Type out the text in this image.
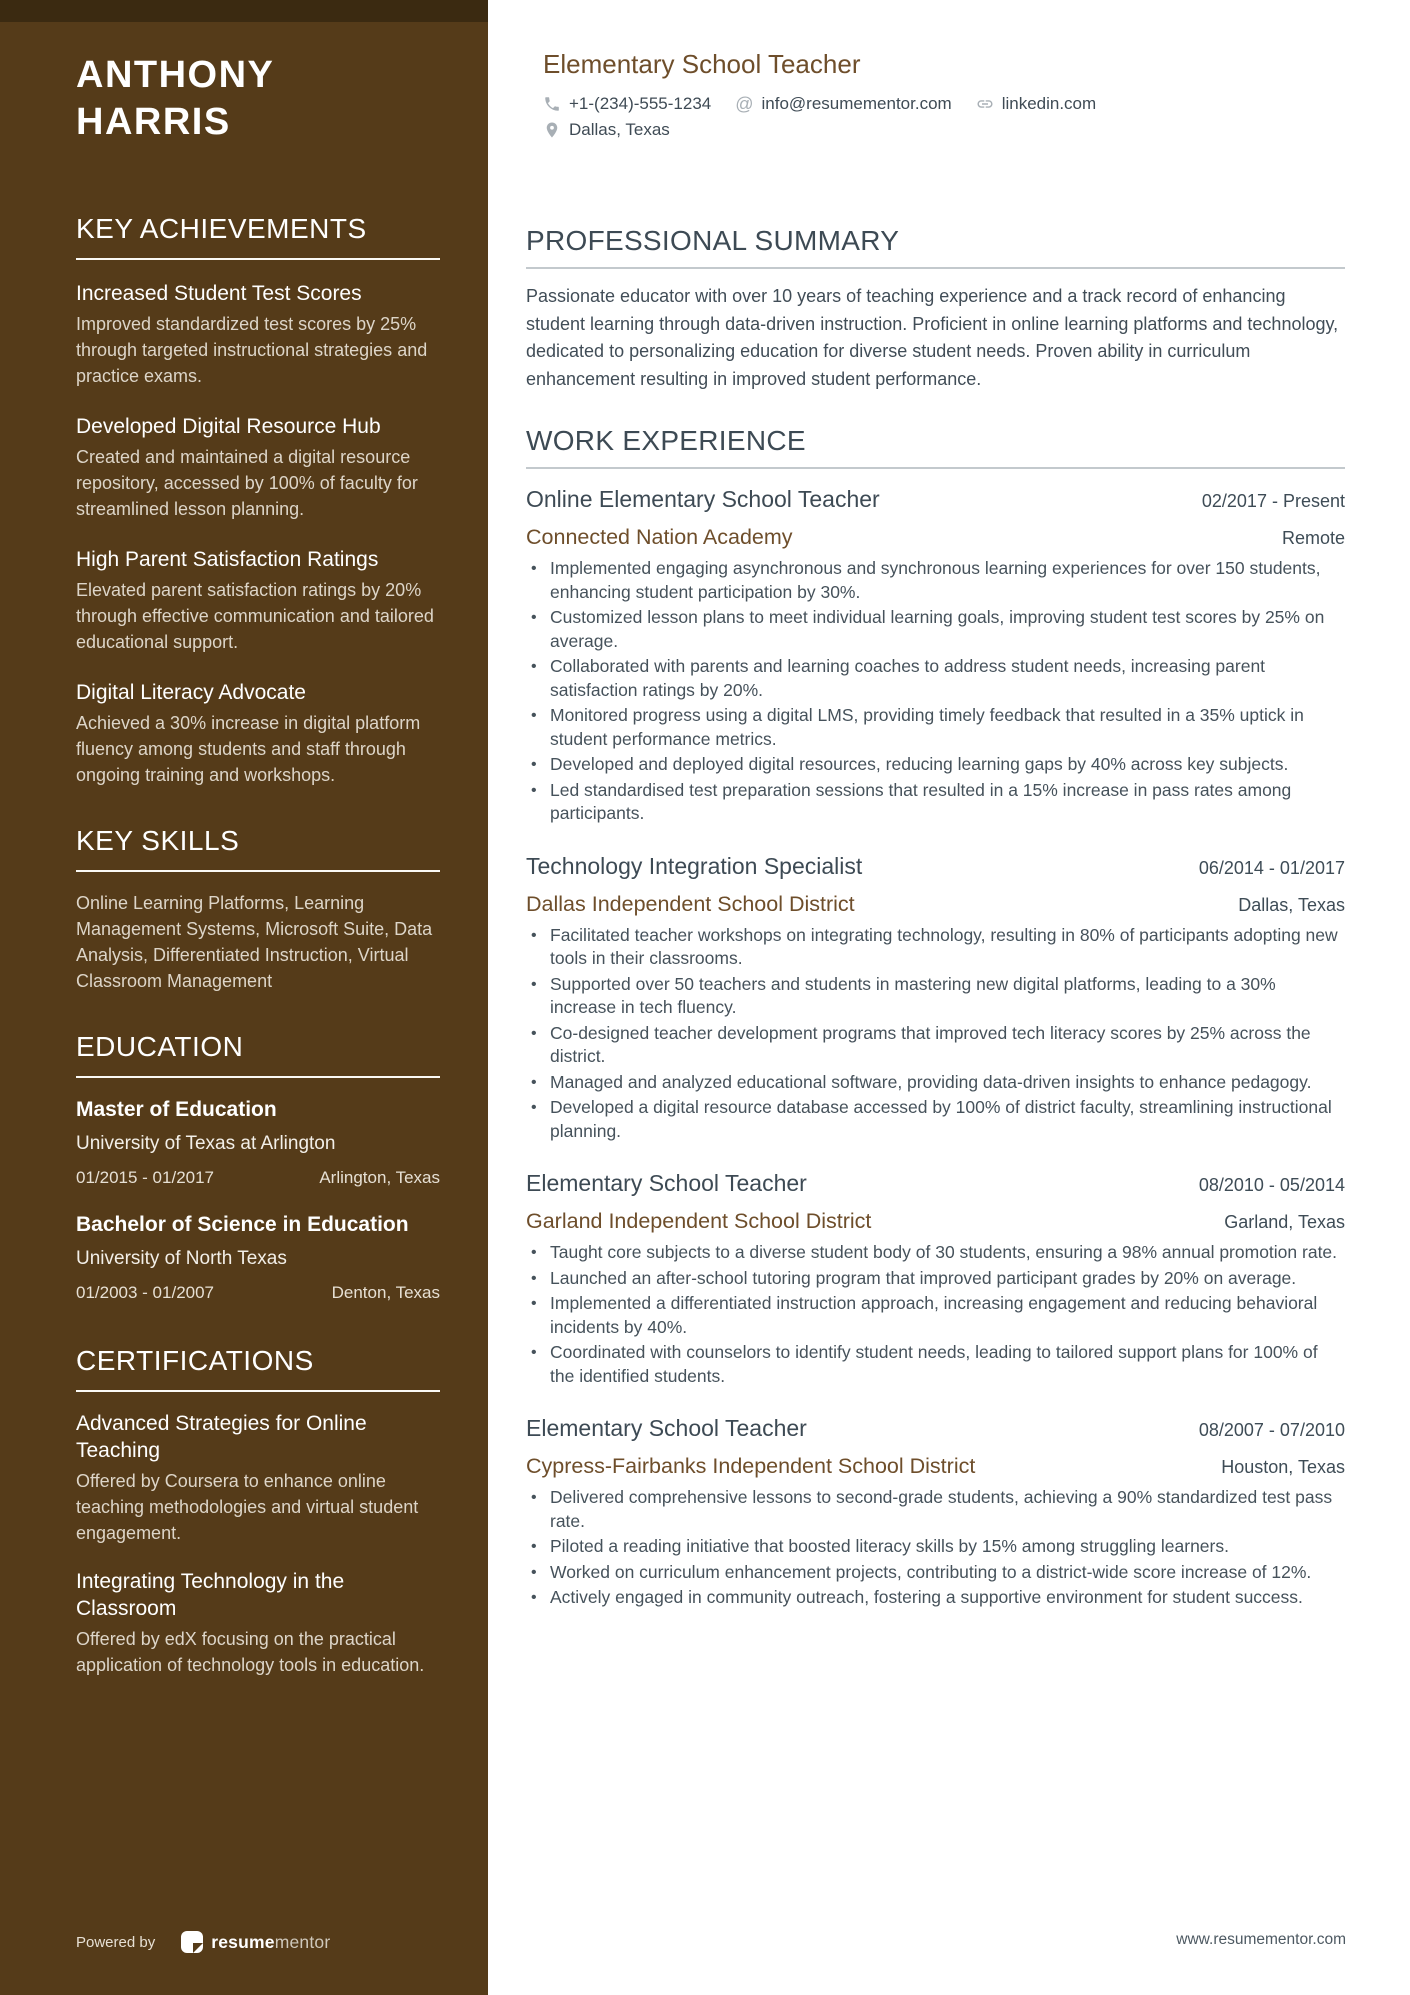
ANTHONY HARRIS
KEY ACHIEVEMENTS
Increased Student Test Scores
Improved standardized test scores by 25% through targeted instructional strategies and practice exams.
Developed Digital Resource Hub
Created and maintained a digital resource repository, accessed by 100% of faculty for streamlined lesson planning.
High Parent Satisfaction Ratings
Elevated parent satisfaction ratings by 20% through effective communication and tailored educational support.
Digital Literacy Advocate
Achieved a 30% increase in digital platform fluency among students and staff through ongoing training and workshops.
KEY SKILLS
Online Learning Platforms, Learning Management Systems, Microsoft Suite, Data Analysis, Differentiated Instruction, Virtual Classroom Management
EDUCATION
Master of Education
University of Texas at Arlington
01/2015 - 01/2017	Arlington, Texas
Bachelor of Science in Education
University of North Texas
01/2003 - 01/2007	Denton, Texas
CERTIFICATIONS
Advanced Strategies for Online Teaching
Offered by Coursera to enhance online teaching methodologies and virtual student engagement.
Integrating Technology in the Classroom
Offered by edX focusing on the practical application of technology tools in education.
Powered by	resumementor
Elementary School Teacher
+1-(234)-555-1234 @ info@resumementor.com	linkedin.com
Dallas, Texas
PROFESSIONAL SUMMARY

Passionate educator with over 10 years of teaching experience and a track record of enhancing student learning through data-driven instruction. Proficient in online learning platforms and technology, dedicated to personalizing education for diverse student needs. Proven ability in curriculum enhancement resulting in improved student performance.

WORK EXPERIENCE
Online Elementary School Teacher	02/2017 - Present
Connected Nation Academy	Remote
• Implemented engaging asynchronous and synchronous learning experiences for over 150 students, enhancing student participation by 30%.
• Customized lesson plans to meet individual learning goals, improving student test scores by 25% on average.
• Collaborated with parents and learning coaches to address student needs, increasing parent satisfaction ratings by 20%.
• Monitored progress using a digital LMS, providing timely feedback that resulted in a 35% uptick in student performance metrics.
• Developed and deployed digital resources, reducing learning gaps by 40% across key subjects.
• Led standardised test preparation sessions that resulted in a 15% increase in pass rates among participants.
Technology Integration Specialist	06/2014 - 01/2017
Dallas Independent School District	Dallas, Texas
• Facilitated teacher workshops on integrating technology, resulting in 80% of participants adopting new tools in their classrooms.
• Supported over 50 teachers and students in mastering new digital platforms, leading to a 30% increase in tech fluency.
• Co-designed teacher development programs that improved tech literacy scores by 25% across the district.
• Managed and analyzed educational software, providing data-driven insights to enhance pedagogy.
• Developed a digital resource database accessed by 100% of district faculty, streamlining instructional planning.
Elementary School Teacher	08/2010 - 05/2014
Garland Independent School District	Garland, Texas
• Taught core subjects to a diverse student body of 30 students, ensuring a 98% annual promotion rate.
• Launched an after-school tutoring program that improved participant grades by 20% on average.
• Implemented a differentiated instruction approach, increasing engagement and reducing behavioral incidents by 40%.
• Coordinated with counselors to identify student needs, leading to tailored support plans for 100% of the identified students.
Elementary School Teacher	08/2007 - 07/2010
Cypress-Fairbanks Independent School District	Houston, Texas
• Delivered comprehensive lessons to second-grade students, achieving a 90% standardized test pass rate.
• Piloted a reading initiative that boosted literacy skills by 15% among struggling learners.
• Worked on curriculum enhancement projects, contributing to a district-wide score increase of 12%.
• Actively engaged in community outreach, fostering a supportive environment for student success.
www.resumementor.com
